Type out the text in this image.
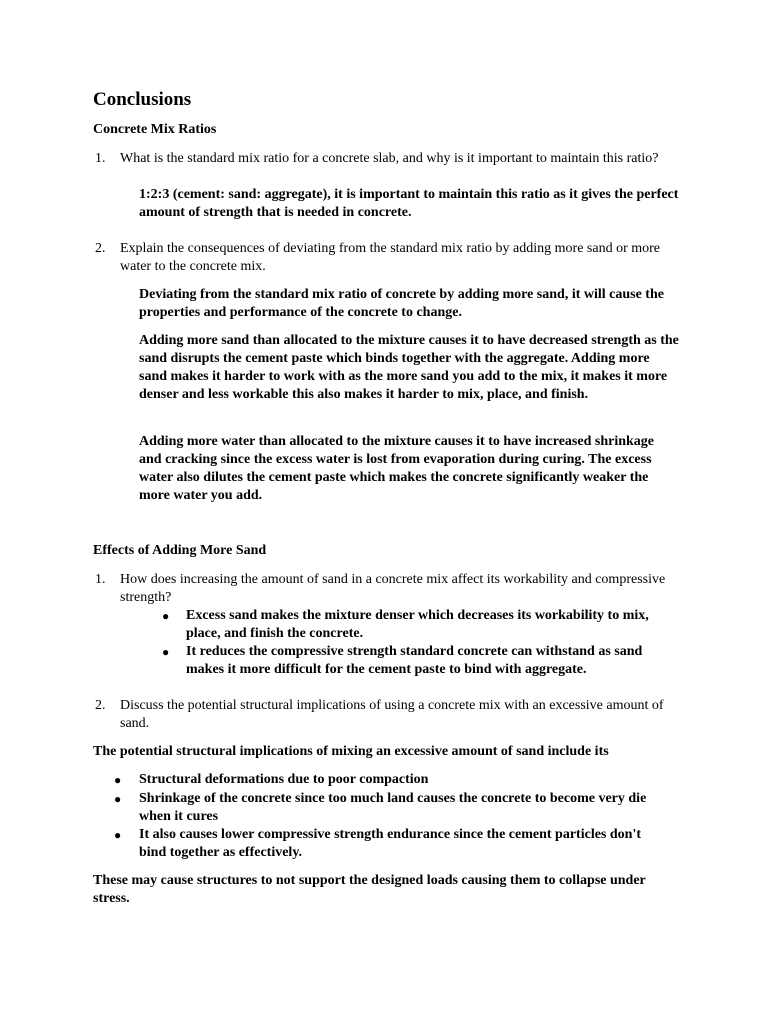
Conclusions
Concrete Mix Ratios
1. What is the standard mix ratio for a concrete slab, and why is it important to maintain this ratio?
1:2:3 (cement: sand: aggregate), it is important to maintain this ratio as it gives the perfect amount of strength that is needed in concrete.
2. Explain the consequences of deviating from the standard mix ratio by adding more sand or more water to the concrete mix.
Deviating from the standard mix ratio of concrete by adding more sand, it will cause the properties and performance of the concrete to change.
Adding more sand than allocated to the mixture causes it to have decreased strength as the sand disrupts the cement paste which binds together with the aggregate. Adding more sand makes it harder to work with as the more sand you add to the mix, it makes it more denser and less workable this also makes it harder to mix, place, and finish.
Adding more water than allocated to the mixture causes it to have increased shrinkage and cracking since the excess water is lost from evaporation during curing. The excess water also dilutes the cement paste which makes the concrete significantly weaker the more water you add.
Effects of Adding More Sand
1. How does increasing the amount of sand in a concrete mix affect its workability and compressive strength?
● Excess sand makes the mixture denser which decreases its workability to mix, place, and finish the concrete.
● It reduces the compressive strength standard concrete can withstand as sand makes it more difficult for the cement paste to bind with aggregate.
2. Discuss the potential structural implications of using a concrete mix with an excessive amount of sand.
The potential structural implications of mixing an excessive amount of sand include its
● Structural deformations due to poor compaction
● Shrinkage of the concrete since too much land causes the concrete to become very die when it cures
● It also causes lower compressive strength endurance since the cement particles don't bind together as effectively.
These may cause structures to not support the designed loads causing them to collapse under stress.
